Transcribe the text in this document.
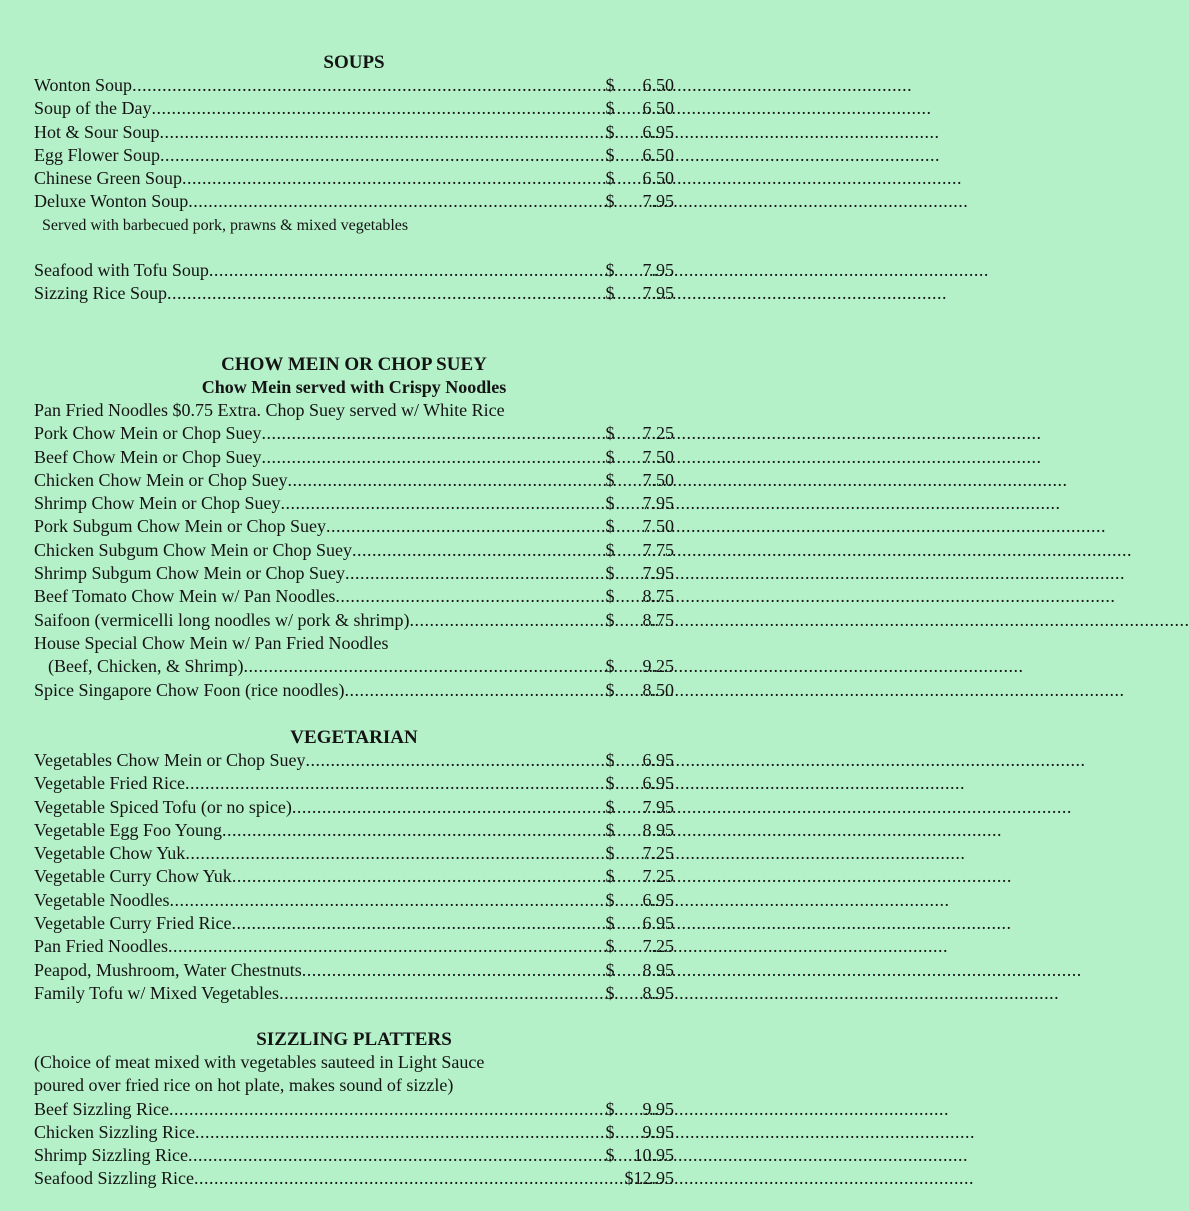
SOUPS
Wonton Soup .....	$	6.50
Soup of the Day .....	$	6.50
Hot & Sour Soup .....	$	6.95
Egg Flower Soup .....	$	6.50
Chinese Green Soup .....	$	6.50
Deluxe Wonton Soup .....	$	7.95
Served with barbecued pork, prawns & mixed vegetables
Seafood with Tofu Soup .....	$	7.95
Sizzing Rice Soup .....	$	7.95
CHOW MEIN OR CHOP SUEY
Chow Mein served with Crispy Noodles
Pan Fried Noodles $0.75 Extra. Chop Suey served w/ White Rice
Pork Chow Mein or Chop Suey .....	$	7.25
Beef Chow Mein or Chop Suey .....	$	7.50
Chicken Chow Mein or Chop Suey .....	$	7.50
Shrimp Chow Mein or Chop Suey .....	$	7.95
Pork Subgum Chow Mein or Chop Suey .....	$	7.50
Chicken Subgum Chow Mein or Chop Suey .....	$	7.75
Shrimp Subgum Chow Mein or Chop Suey .....	$	7.95
Beef Tomato Chow Mein w/ Pan Noodles .....	$	8.75
Saifoon (vermicelli long noodles w/ pork & shrimp) .....	$	8.75
House Special Chow Mein w/ Pan Fried Noodles
(Beef, Chicken, & Shrimp) .....	$	9.25
Spice Singapore Chow Foon (rice noodles) .....	$	8.50
VEGETARIAN
Vegetables Chow Mein or Chop Suey .....	$	6.95
Vegetable Fried Rice .....	$	6.95
Vegetable Spiced Tofu (or no spice) .....	$	7.95
Vegetable Egg Foo Young .....	$	8.95
Vegetable Chow Yuk .....	$	7.25
Vegetable Curry Chow Yuk .....	$	7.25
Vegetable Noodles .....	$	6.95
Vegetable Curry Fried Rice .....	$	6.95
Pan Fried Noodles .....	$	7.25
Peapod, Mushroom, Water Chestnuts .....	$	8.95
Family Tofu w/ Mixed Vegetables .....	$	8.95
SIZZLING PLATTERS
(Choice of meat mixed with vegetables sauteed in Light Sauce
poured over fried rice on hot plate, makes sound of sizzle)
Beef Sizzling Rice .....	$	9.95
Chicken Sizzling Rice .....	$	9.95
Shrimp Sizzling Rice .....	$	10.95
Seafood Sizzling Rice .....	$12.95
